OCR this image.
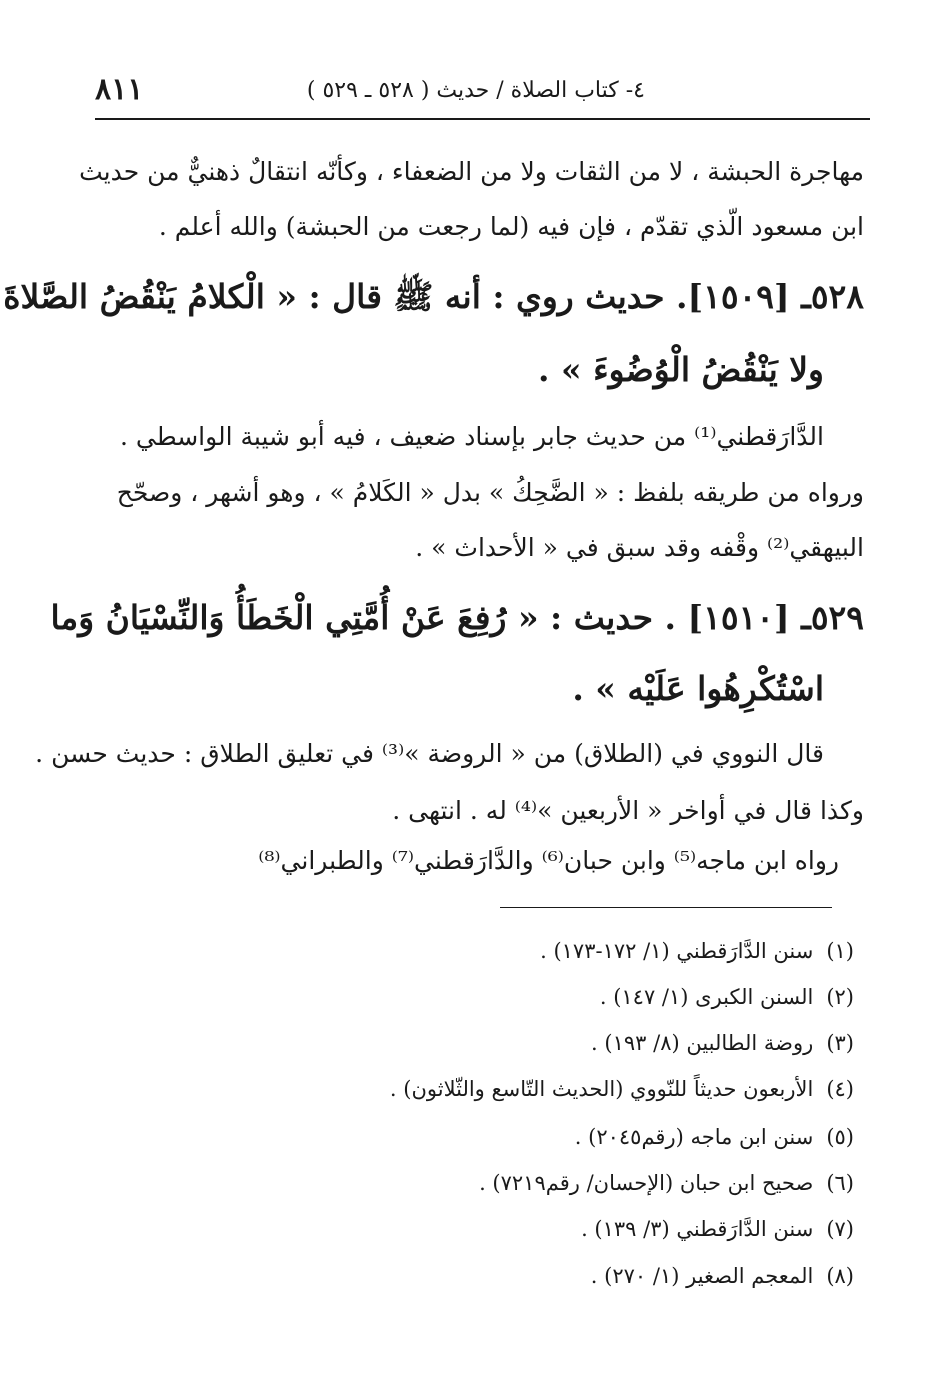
٨١١	٤- كتاب الصلاة / حديث ( ٥٢٨ ـ ٥٢٩ )
مهاجرة الحبشة ، لا من الثقات ولا من الضعفاء ، وكأنّه انتقالٌ ذهنيٌّ من حديث
ابن مسعود الّذي تقدّم ، فإن فيه (لما رجعت من الحبشة) والله أعلم .
٥٢٨ـ [١٥٠٩]. حديث روي : أنه ﷺ قال : « الْكلامُ يَنْقُضُ الصَّلاةَ
ولا يَنْقُضُ الْوُضُوءَ » .
الدَّارَقطني⁽¹⁾ من حديث جابر بإسناد ضعيف ، فيه أبو شيبة الواسطي .
ورواه من طريقه بلفظ : « الضَّحِكُ » بدل « الكَلامُ » ، وهو أشهر ، وصحّح
البيهقي⁽²⁾ وقْفه وقد سبق في « الأحداث » .
٥٢٩ـ [١٥١٠] . حديث : « رُفِعَ عَنْ أُمَّتِي الْخَطَأُ وَالنِّسْيَانُ وَما
اسْتُكْرِهُوا عَلَيْه » .
قال النووي في (الطلاق) من « الروضة »⁽³⁾ في تعليق الطلاق : حديث حسن .
وكذا قال في أواخر « الأربعين »⁽⁴⁾ له . انتهى .
رواه ابن ماجه⁽⁵⁾ وابن حبان⁽⁶⁾ والدَّارَقطني⁽⁷⁾ والطبراني⁽⁸⁾
(١) سنن الدَّارَقطني (١/ ١٧٢-١٧٣) .
(٢) السنن الكبرى (١/ ١٤٧) .
(٣) روضة الطالبين (٨/ ١٩٣) .
(٤) الأربعون حديثاً للنّووي (الحديث التّاسع والثّلاثون) .
(٥) سنن ابن ماجه (رقم٢٠٤٥) .
(٦) صحيح ابن حبان (الإحسان/ رقم٧٢١٩) .
(٧) سنن الدَّارَقطني (٣/ ١٣٩) .
(٨) المعجم الصغير (١/ ٢٧٠) .
